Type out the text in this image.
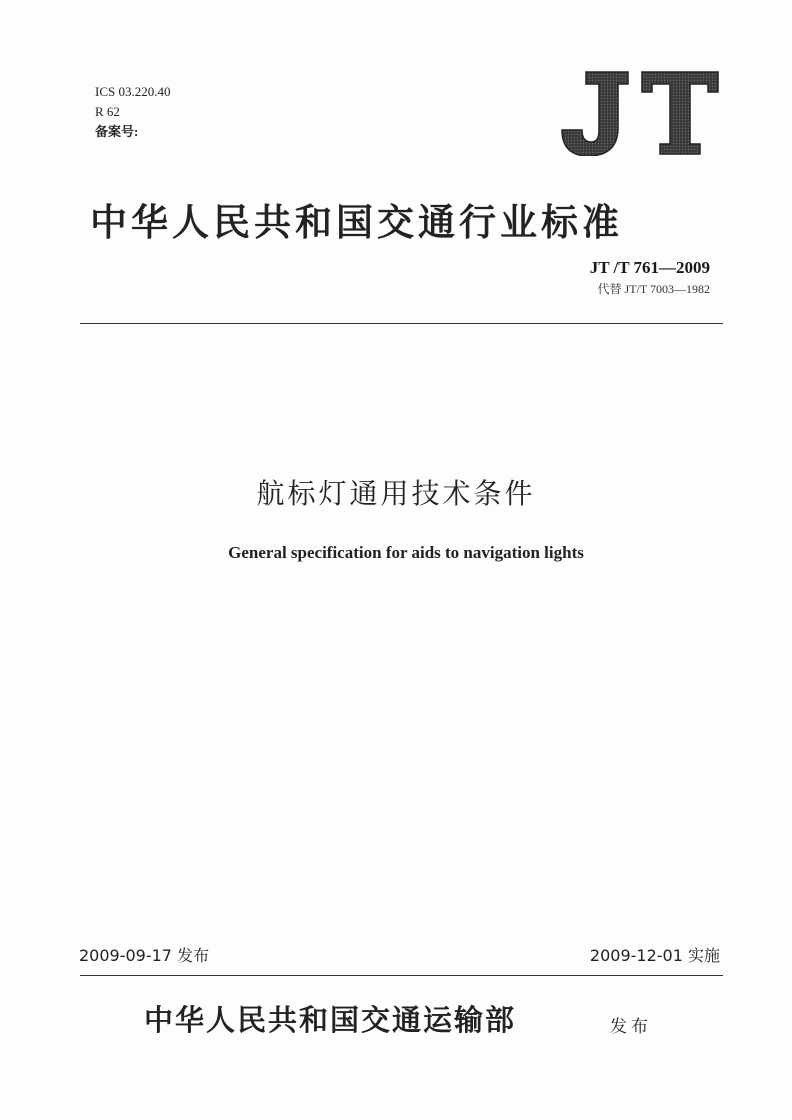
ICS 03.220.40
R 62
备案号:
中华人民共和国交通行业标准
JT /T 761—2009
代替 JT/T 7003—1982
航标灯通用技术条件
General specification for aids to navigation lights
2009-09-17 发布	2009-12-01 实施
中华人民共和国交通运输部	发布
